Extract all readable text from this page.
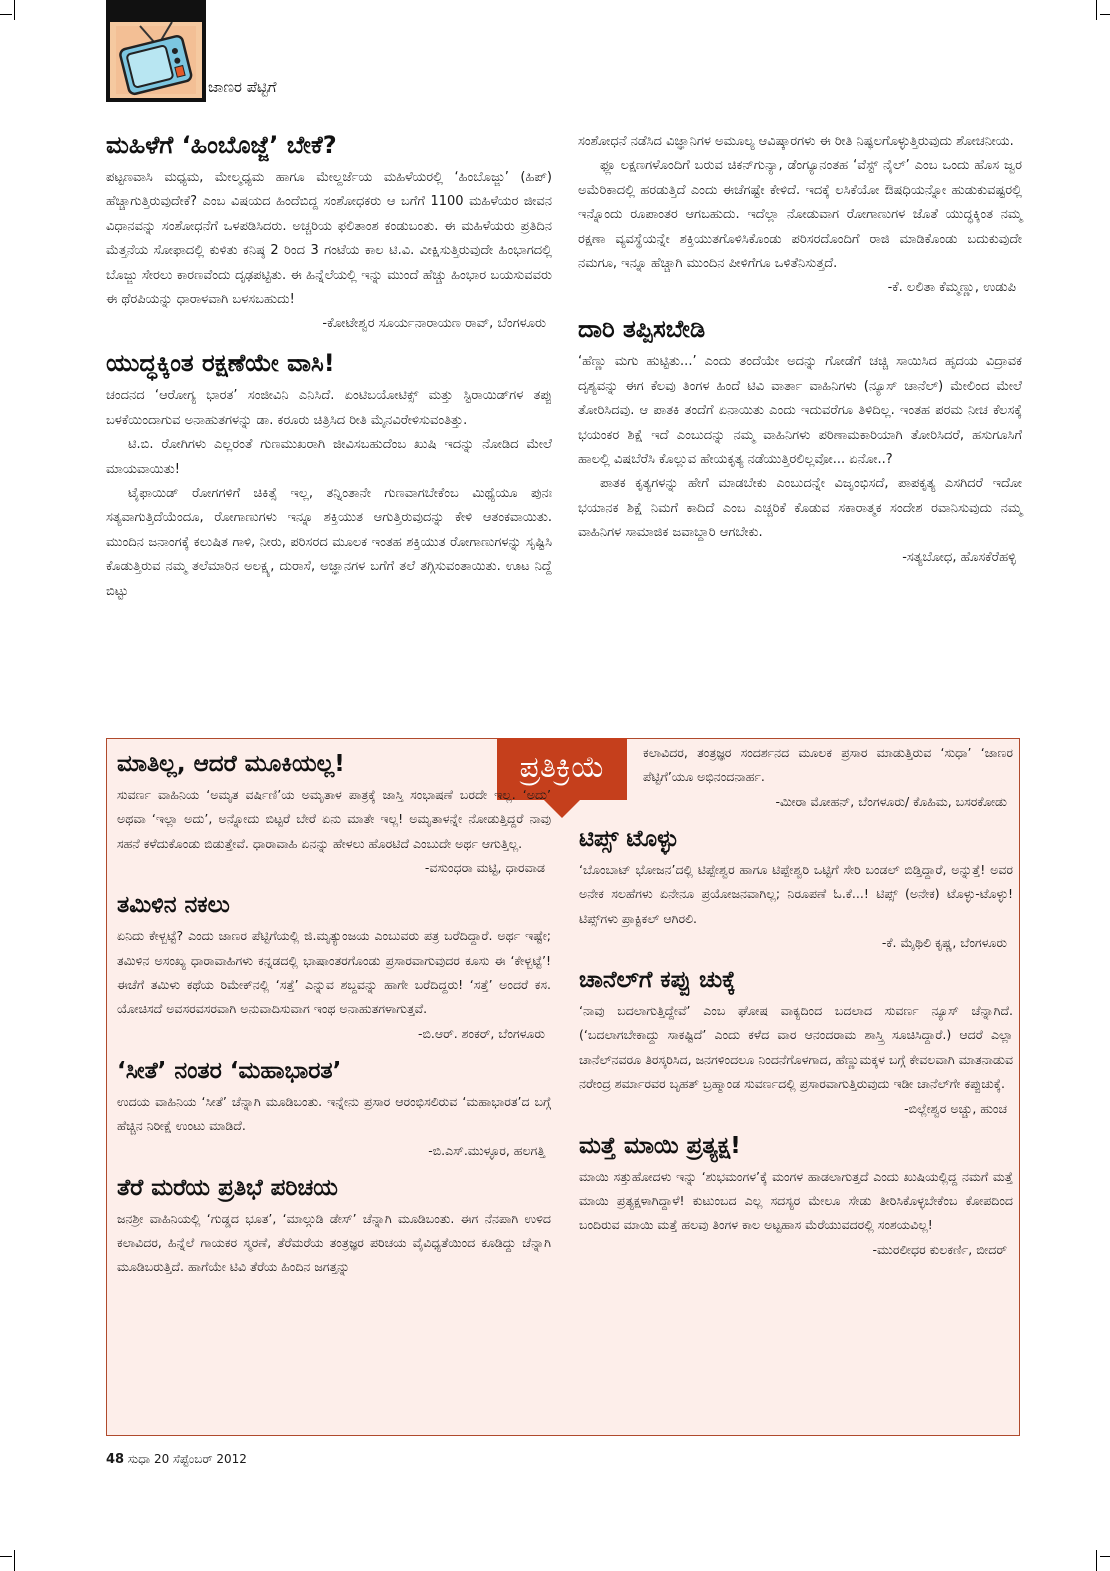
ಜಾಣರ ಪೆಟ್ಟಿಗೆ
ಮಹಿಳೆಗೆ ‘ಹಿಂಬೊಜ್ಜೆ’ ಬೇಕೆ?

ಪಟ್ಟಣವಾಸಿ ಮಧ್ಯಮ, ಮೇಲ್ಮಧ್ಯಮ ಹಾಗೂ ಮೇಲ್ದರ್ಜೆಯ ಮಹಿಳೆಯರಲ್ಲಿ ‘ಹಿಂಬೊಜ್ಜು’ (ಹಿಪ್) ಹೆಚ್ಚಾಗುತ್ತಿರುವುದೇಕೆ? ಎಂಬ ವಿಷಯದ ಹಿಂದೆಬಿದ್ದ ಸಂಶೋಧಕರು ಆ ಬಗೆಗೆ 1100 ಮಹಿಳೆಯರ ಜೀವನ ವಿಧಾನವನ್ನು ಸಂಶೋಧನೆಗೆ ಒಳಪಡಿಸಿದರು. ಅಚ್ಚರಿಯ ಫಲಿತಾಂಶ ಕಂಡುಬಂತು. ಈ ಮಹಿಳೆಯರು ಪ್ರತಿದಿನ ಮೆತ್ತನೆಯ ಸೋಫಾದಲ್ಲಿ ಕುಳಿತು ಕನಿಷ್ಠ 2 ರಿಂದ 3 ಗಂಟೆಯ ಕಾಲ ಟಿ.ವಿ. ವೀಕ್ಷಿಸುತ್ತಿರುವುದೇ ಹಿಂಭಾಗದಲ್ಲಿ ಬೊಜ್ಜು ಸೇರಲು ಕಾರಣವೆಂದು ದೃಢಪಟ್ಟಿತು. ಈ ಹಿನ್ನೆಲೆಯಲ್ಲಿ ಇನ್ನು ಮುಂದೆ ಹೆಚ್ಚು ಹಿಂಭಾರ ಬಯಸುವವರು ಈ ಥೆರಪಿಯನ್ನು ಧಾರಾಳವಾಗಿ ಬಳಸಬಹುದು!

-ಕೋಟೇಶ್ವರ ಸೂರ್ಯನಾರಾಯಣ ರಾವ್, ಬೆಂಗಳೂರು
ಯುದ್ಧಕ್ಕಿಂತ ರಕ್ಷಣೆಯೇ ವಾಸಿ!

ಚಂದನದ ‘ಆರೋಗ್ಯ ಭಾರತ’ ಸಂಜೀವಿನಿ ಎನಿಸಿದೆ. ಏಂಟಿಬಯೋಟಿಕ್ಸ್ ಮತ್ತು ಸ್ಟಿರಾಯಿಡ್‌ಗಳ ತಪ್ಪು ಬಳಕೆಯಿಂದಾಗುವ ಅನಾಹುತಗಳನ್ನು ಡಾ. ಕರೂರು ಚಿತ್ರಿಸಿದ ರೀತಿ ಮೈನವಿರೇಳಿಸುವಂತಿತ್ತು.

ಟಿ.ಬಿ. ರೋಗಿಗಳು ಎಲ್ಲರಂತೆ ಗುಣಮುಖರಾಗಿ ಜೀವಿಸಬಹುದೆಂಬ ಖುಷಿ ಇದನ್ನು ನೋಡಿದ ಮೇಲೆ ಮಾಯವಾಯಿತು!

ಟೈಫಾಯಿಡ್ ರೋಗಗಳಿಗೆ ಚಿಕಿತ್ಸೆ ಇಲ್ಲ, ತನ್ನಿಂತಾನೇ ಗುಣವಾಗಬೇಕೆಂಬ ಮಿಥ್ಯೆಯೂ ಪುನಃ ಸತ್ಯವಾಗುತ್ತಿದೆಯೆಂದೂ, ರೋಗಾಣುಗಳು ಇನ್ನೂ ಶಕ್ತಿಯುತ ಆಗುತ್ತಿರುವುದನ್ನು ಕೇಳಿ ಆತಂಕವಾಯಿತು. ಮುಂದಿನ ಜನಾಂಗಕ್ಕೆ ಕಲುಷಿತ ಗಾಳಿ, ನೀರು, ಪರಿಸರದ ಮೂಲಕ ಇಂತಹ ಶಕ್ತಿಯುತ ರೋಗಾಣುಗಳನ್ನು ಸೃಷ್ಟಿಸಿ ಕೊಡುತ್ತಿರುವ ನಮ್ಮ ತಲೆಮಾರಿನ ಅಲಕ್ಷ್ಯ, ದುರಾಸೆ, ಅಜ್ಞಾನಗಳ ಬಗೆಗೆ ತಲೆ ತಗ್ಗಿಸುವಂತಾಯಿತು. ಊಟ ನಿದ್ದೆ ಬಿಟ್ಟು

ಸಂಶೋಧನೆ ನಡೆಸಿದ ವಿಜ್ಞಾನಿಗಳ ಅಮೂಲ್ಯ ಆವಿಷ್ಕಾರಗಳು ಈ ರೀತಿ ನಿಷ್ಫಲಗೊಳ್ಳುತ್ತಿರುವುದು ಶೋಚನೀಯ.

ಫ್ಲೂ ಲಕ್ಷಣಗಳೊಂದಿಗೆ ಬರುವ ಚಿಕನ್‌ಗುನ್ಯಾ, ಡೆಂಗ್ಯೂನಂತಹ ‘ವೆಸ್ಟ್ ನೈಲ್’ ಎಂಬ ಒಂದು ಹೊಸ ಜ್ವರ ಅಮೆರಿಕಾದಲ್ಲಿ ಹರಡುತ್ತಿದೆ ಎಂದು ಈಚೆಗಷ್ಟೇ ಕೇಳಿದೆ. ಇದಕ್ಕೆ ಲಸಿಕೆಯೋ ಔಷಧಿಯನ್ನೋ ಹುಡುಕುವಷ್ಟರಲ್ಲಿ ಇನ್ನೊಂದು ರೂಪಾಂತರ ಆಗಬಹುದು. ಇದೆಲ್ಲಾ ನೋಡುವಾಗ ರೋಗಾಣುಗಳ ಜೊತೆ ಯುದ್ಧಕ್ಕಿಂತ ನಮ್ಮ ರಕ್ಷಣಾ ವ್ಯವಸ್ಥೆಯನ್ನೇ ಶಕ್ತಿಯುತಗೊಳಿಸಿಕೊಂಡು ಪರಿಸರದೊಂದಿಗೆ ರಾಜಿ ಮಾಡಿಕೊಂಡು ಬದುಕುವುದೇ ನಮಗೂ, ಇನ್ನೂ ಹೆಚ್ಚಾಗಿ ಮುಂದಿನ ಪೀಳಿಗೆಗೂ ಒಳಿತೆನಿಸುತ್ತದೆ.

-ಕೆ. ಲಲಿತಾ ಕೆಮ್ಮಣ್ಣು, ಉಡುಪಿ
ದಾರಿ ತಪ್ಪಿಸಬೇಡಿ

‘ಹೆಣ್ಣು ಮಗು ಹುಟ್ಟಿತು...’ ಎಂದು ತಂದೆಯೇ ಅದನ್ನು ಗೋಡೆಗೆ ಚಚ್ಚಿ ಸಾಯಿಸಿದ ಹೃದಯ ವಿದ್ರಾವಕ ದೃಶ್ಯವನ್ನು ಈಗ ಕೆಲವು ತಿಂಗಳ ಹಿಂದೆ ಟಿವಿ ವಾರ್ತಾ ವಾಹಿನಿಗಳು (ನ್ಯೂಸ್ ಚಾನೆಲ್) ಮೇಲಿಂದ ಮೇಲೆ ತೋರಿಸಿದವು. ಆ ಪಾತಕಿ ತಂದೆಗೆ ಏನಾಯಿತು ಎಂದು ಇದುವರೆಗೂ ತಿಳಿದಿಲ್ಲ. ಇಂತಹ ಪರಮ ನೀಚ ಕೆಲಸಕ್ಕೆ ಭಯಂಕರ ಶಿಕ್ಷೆ ಇದೆ ಎಂಬುದನ್ನು ನಮ್ಮ ವಾಹಿನಿಗಳು ಪರಿಣಾಮಕಾರಿಯಾಗಿ ತೋರಿಸಿದರೆ, ಹಸುಗೂಸಿಗೆ ಹಾಲಲ್ಲಿ ವಿಷಬೆರೆಸಿ ಕೊಲ್ಲುವ ಹೇಯಕೃತ್ಯ ನಡೆಯುತ್ತಿರಲಿಲ್ಲವೋ... ಏನೋ..?

ಪಾತಕ ಕೃತ್ಯಗಳನ್ನು ಹೇಗೆ ಮಾಡಬೇಕು ಎಂಬುದನ್ನೇ ವಿಜೃಂಭಿಸದೆ, ಪಾಪಕೃತ್ಯ ಎಸಗಿದರೆ ಇದೋ ಭಯಾನಕ ಶಿಕ್ಷೆ ನಿಮಗೆ ಕಾದಿದೆ ಎಂಬ ಎಚ್ಚರಿಕೆ ಕೊಡುವ ಸಕಾರಾತ್ಮಕ ಸಂದೇಶ ರವಾನಿಸುವುದು ನಮ್ಮ ವಾಹಿನಿಗಳ ಸಾಮಾಜಿಕ ಜವಾಬ್ದಾರಿ ಆಗಬೇಕು.

-ಸತ್ಯಬೋಧ, ಹೊಸಕೆರೆಹಳ್ಳಿ
ಪ್ರತಿಕ್ರಿಯೆ
ಮಾತಿಲ್ಲ, ಆದರೆ ಮೂಕಿಯಲ್ಲ!

ಸುವರ್ಣ ವಾಹಿನಿಯ ‘ಅಮೃತ ವರ್ಷಿಣಿ’ಯ ಅಮೃತಾಳ ಪಾತ್ರಕ್ಕೆ ಜಾಸ್ತಿ ಸಂಭಾಷಣೆ ಬರದೇ ಇಲ್ಲ. ‘ಅದು’ ಅಥವಾ ‘ಇಲ್ಲಾ ಅದು’, ಅನ್ನೋದು ಬಿಟ್ಟರೆ ಬೇರೆ ಏನು ಮಾತೇ ಇಲ್ಲ! ಅಮೃತಾಳನ್ನೇ ನೋಡುತ್ತಿದ್ದರೆ ನಾವು ಸಹನೆ ಕಳೆದುಕೊಂಡು ಬಿಡುತ್ತೇವೆ. ಧಾರಾವಾಹಿ ಏನನ್ನು ಹೇಳಲು ಹೊರಟಿದೆ ಎಂಬುದೇ ಅರ್ಥ ಆಗುತ್ತಿಲ್ಲ.

-ವಸುಂಧರಾ ಮಟ್ಟಿ, ಧಾರವಾಡ
ತಮಿಳಿನ ನಕಲು

ಏನಿದು ಕೇಳ್ಬಟ್ಟೆ? ಎಂದು ಜಾಣರ ಪೆಟ್ಟಿಗೆಯಲ್ಲಿ ಜಿ.ಮೃತ್ಯುಂಜಯ ಎಂಬುವರು ಪತ್ರ ಬರೆದಿದ್ದಾರೆ. ಅರ್ಥ ಇಷ್ಟೇ; ತಮಿಳಿನ ಅಸಂಖ್ಯ ಧಾರಾವಾಹಿಗಳು ಕನ್ನಡದಲ್ಲಿ ಭಾಷಾಂತರಗೊಂಡು ಪ್ರಸಾರವಾಗುವುದರ ಕೂಸು ಈ ‘ಕೇಳ್ಬಟ್ಟೆ’! ಈಚೆಗೆ ತಮಿಳು ಕಥೆಯ ರಿಮೇಕ್‌ನಲ್ಲಿ ‘ಸತ್ತೆ’ ಎನ್ನುವ ಶಬ್ದವನ್ನು ಹಾಗೇ ಬರೆದಿದ್ದರು! ‘ಸತ್ತೆ’ ಅಂದರೆ ಕಸ. ಯೋಚಿಸದೆ ಅವಸರವಸರವಾಗಿ ಅನುವಾದಿಸುವಾಗ ಇಂಥ ಅನಾಹುತಗಳಾಗುತ್ತವೆ.

-ಬಿ.ಆರ್. ಶಂಕರ್, ಬೆಂಗಳೂರು
‘ಸೀತೆ’ ನಂತರ ‘ಮಹಾಭಾರತ’

ಉದಯ ವಾಹಿನಿಯ ‘ಸೀತೆ’ ಚೆನ್ನಾಗಿ ಮೂಡಿಬಂತು. ಇನ್ನೇನು ಪ್ರಸಾರ ಆರಂಭಿಸಲಿರುವ ‘ಮಹಾಭಾರತ’ದ ಬಗ್ಗೆ ಹೆಚ್ಚಿನ ನಿರೀಕ್ಷೆ ಉಂಟು ಮಾಡಿದೆ.

-ಬಿ.ಎಸ್.ಮುಳ್ಳೂರ, ಹಲಗತ್ತಿ
ತೆರೆ ಮರೆಯ ಪ್ರತಿಭೆ ಪರಿಚಯ

ಜನಶ್ರೀ ವಾಹಿನಿಯಲ್ಲಿ ‘ಗುಡ್ಡದ ಭೂತ’, ‘ಮಾಲ್ಗುಡಿ ಡೇಸ್’ ಚೆನ್ನಾಗಿ ಮೂಡಿಬಂತು. ಈಗ ನೆನಪಾಗಿ ಉಳಿದ ಕಲಾವಿದರ, ಹಿನ್ನೆಲೆ ಗಾಯಕರ ಸ್ಮರಣೆ, ತೆರೆಮರೆಯ ತಂತ್ರಜ್ಞರ ಪರಿಚಯ ವೈವಿಧ್ಯತೆಯಿಂದ ಕೂಡಿದ್ದು ಚೆನ್ನಾಗಿ ಮೂಡಿಬರುತ್ತಿದೆ. ಹಾಗೆಯೇ ಟಿವಿ ತೆರೆಯ ಹಿಂದಿನ ಜಗತ್ತನ್ನು

ಕಲಾವಿದರ, ತಂತ್ರಜ್ಞರ ಸಂದರ್ಶನದ ಮೂಲಕ ಪ್ರಸಾರ ಮಾಡುತ್ತಿರುವ ‘ಸುಧಾ’ ‘ಜಾಣರ ಪೆಟ್ಟಿಗೆ’ಯೂ ಅಭಿನಂದನಾರ್ಹ.

-ಮೀರಾ ಮೋಹನ್, ಬೆಂಗಳೂರು/ ಕೊಹಿಮ, ಬಸರಕೋಡು
ಟಿಪ್ಸ್ ಟೊಳ್ಳು

‘ಬೊಂಬಾಟ್ ಭೋಜನ’ದಲ್ಲಿ ಟಿಪ್ಪೇಶ್ವರ ಹಾಗೂ ಟಿಪ್ಪೇಶ್ವರಿ ಒಟ್ಟಿಗೆ ಸೇರಿ ಬಂಡಲ್ ಬಿಡ್ತಿದ್ದಾರೆ, ಅನ್ನುತ್ತೆ! ಅವರ ಅನೇಕ ಸಲಹೆಗಳು ಏನೇನೂ ಪ್ರಯೋಜನವಾಗಿಲ್ಲ; ನಿರೂಪಣೆ ಓ.ಕೆ...! ಟಿಪ್ಸ್ (ಅನೇಕ) ಟೊಳ್ಳು-ಟೊಳ್ಳು! ಟಿಪ್ಸ್‌ಗಳು ಪ್ರಾಕ್ಟಿಕಲ್ ಆಗಿರಲಿ.

-ಕೆ. ಮೈಥಿಲಿ ಕೃಷ್ಣ, ಬೆಂಗಳೂರು
ಚಾನೆಲ್‌ಗೆ ಕಪ್ಪು ಚುಕ್ಕೆ

‘ನಾವು ಬದಲಾಗುತ್ತಿದ್ದೇವೆ’ ಎಂಬ ಘೋಷ ವಾಕ್ಯದಿಂದ ಬದಲಾದ ಸುವರ್ಣ ನ್ಯೂಸ್ ಚೆನ್ನಾಗಿದೆ. (‘ಬದಲಾಗಬೇಕಾದ್ದು ಸಾಕಷ್ಟಿದೆ’ ಎಂದು ಕಳೆದ ವಾರ ಆನಂದರಾಮ ಶಾಸ್ತ್ರಿ ಸೂಚಿಸಿದ್ದಾರೆ.) ಆದರೆ ಎಲ್ಲಾ ಚಾನೆಲ್‌ನವರೂ ತಿರಸ್ಕರಿಸಿದ, ಜನಗಳಿಂದಲೂ ನಿಂದನೆಗೊಳಗಾದ, ಹೆಣ್ಣುಮಕ್ಕಳ ಬಗ್ಗೆ ಕೇವಲವಾಗಿ ಮಾತನಾಡುವ ನರೇಂದ್ರ ಶರ್ಮಾರವರ ಬೃಹತ್ ಬ್ರಹ್ಮಾಂಡ ಸುವರ್ಣದಲ್ಲಿ ಪ್ರಸಾರವಾಗುತ್ತಿರುವುದು ಇಡೀ ಚಾನೆಲ್‌ಗೇ ಕಪ್ಪುಚುಕ್ಕೆ.

-ಬಿಲ್ಲೇಶ್ವರ ಅಚ್ಚು, ಹುಂಚ
ಮತ್ತೆ ಮಾಯಿ ಪ್ರತ್ಯಕ್ಷ!

ಮಾಯಿ ಸತ್ತುಹೋದಳು ಇನ್ನು ‘ಶುಭಮಂಗಳ’ಕ್ಕೆ ಮಂಗಳ ಹಾಡಲಾಗುತ್ತದೆ ಎಂದು ಖುಷಿಯಲ್ಲಿದ್ದ ನಮಗೆ ಮತ್ತೆ ಮಾಯಿ ಪ್ರತ್ಯಕ್ಷಳಾಗಿದ್ದಾಳೆ! ಕುಟುಂಬದ ಎಲ್ಲ ಸದಸ್ಯರ ಮೇಲೂ ಸೇಡು ತೀರಿಸಿಕೊಳ್ಳಬೇಕೆಂಬ ಕೋಪದಿಂದ ಬಂದಿರುವ ಮಾಯಿ ಮತ್ತೆ ಹಲವು ತಿಂಗಳ ಕಾಲ ಅಟ್ಟಹಾಸ ಮೆರೆಯುವದರಲ್ಲಿ ಸಂಶಯವಿಲ್ಲ!

-ಮುರಲೀಧರ ಕುಲಕರ್ಣಿ, ಬೀದರ್
48 ಸುಧಾ 20 ಸೆಪ್ಟೆಂಬರ್ 2012
